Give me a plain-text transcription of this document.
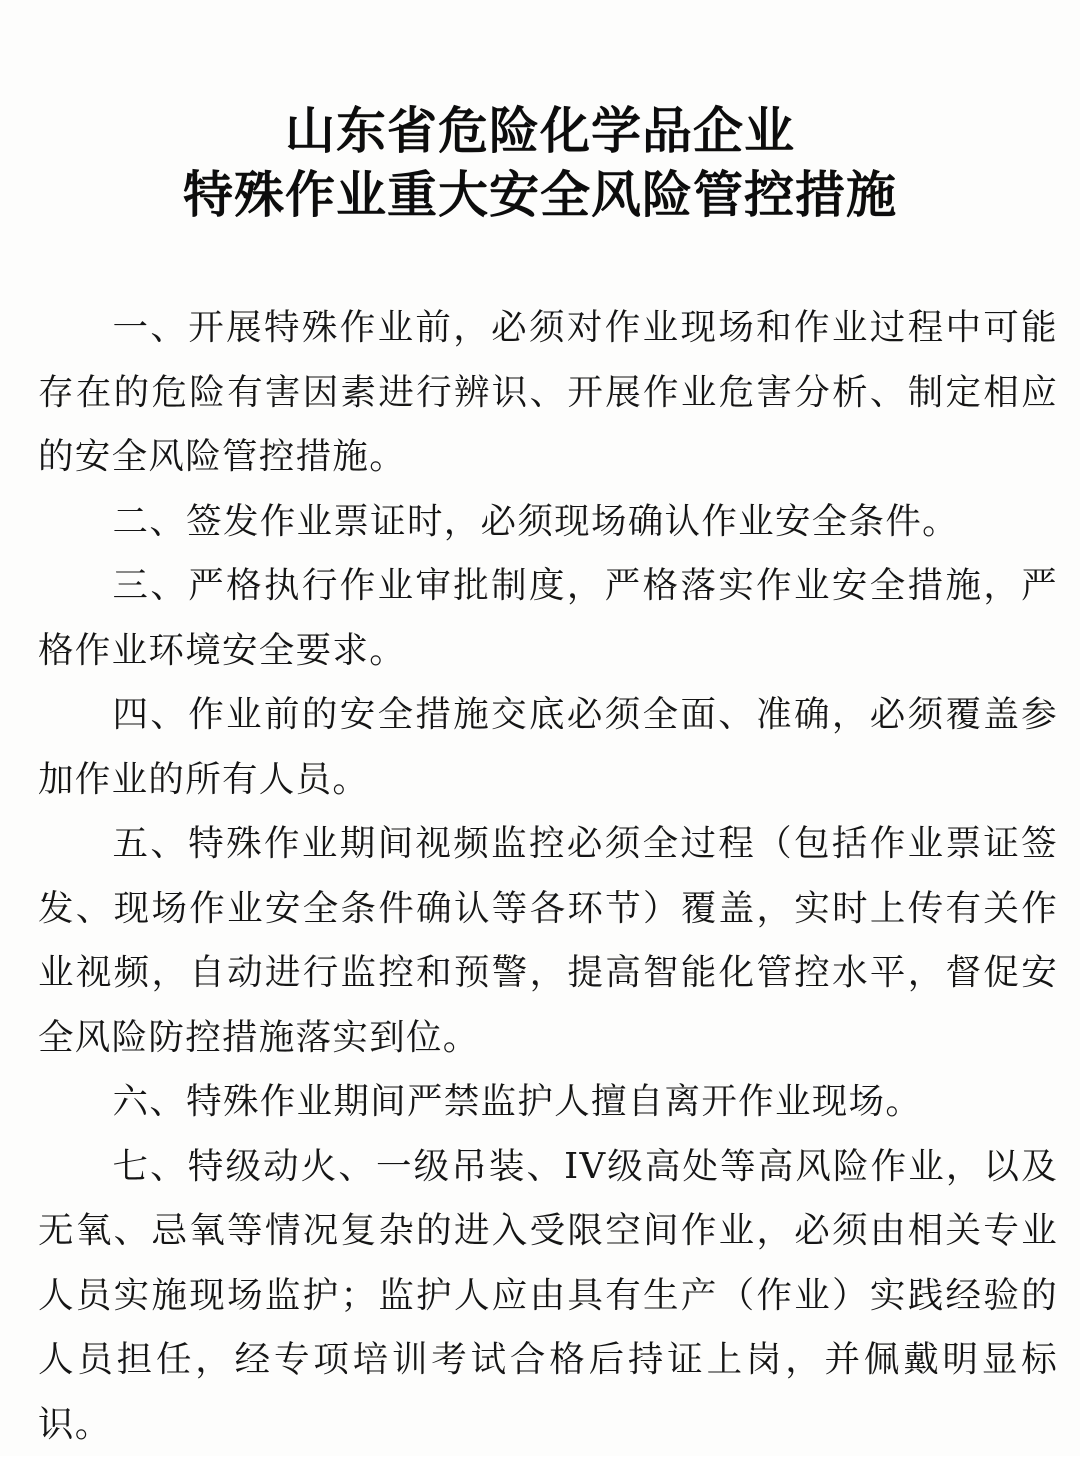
山东省危险化学品企业
特殊作业重大安全风险管控措施

一、开展特殊作业前，必须对作业现场和作业过程中可能存在的危险有害因素进行辨识、开展作业危害分析、制定相应的安全风险管控措施。

二、签发作业票证时，必须现场确认作业安全条件。

三、严格执行作业审批制度，严格落实作业安全措施，严格作业环境安全要求。

四、作业前的安全措施交底必须全面、准确，必须覆盖参加作业的所有人员。

五、特殊作业期间视频监控必须全过程（包括作业票证签发、现场作业安全条件确认等各环节）覆盖，实时上传有关作业视频，自动进行监控和预警，提高智能化管控水平，督促安全风险防控措施落实到位。

六、特殊作业期间严禁监护人擅自离开作业现场。

七、特级动火、一级吊装、IV级高处等高风险作业，以及无氧、忌氧等情况复杂的进入受限空间作业，必须由相关专业人员实施现场监护；监护人应由具有生产（作业）实践经验的人员担任，经专项培训考试合格后持证上岗，并佩戴明显标识。
